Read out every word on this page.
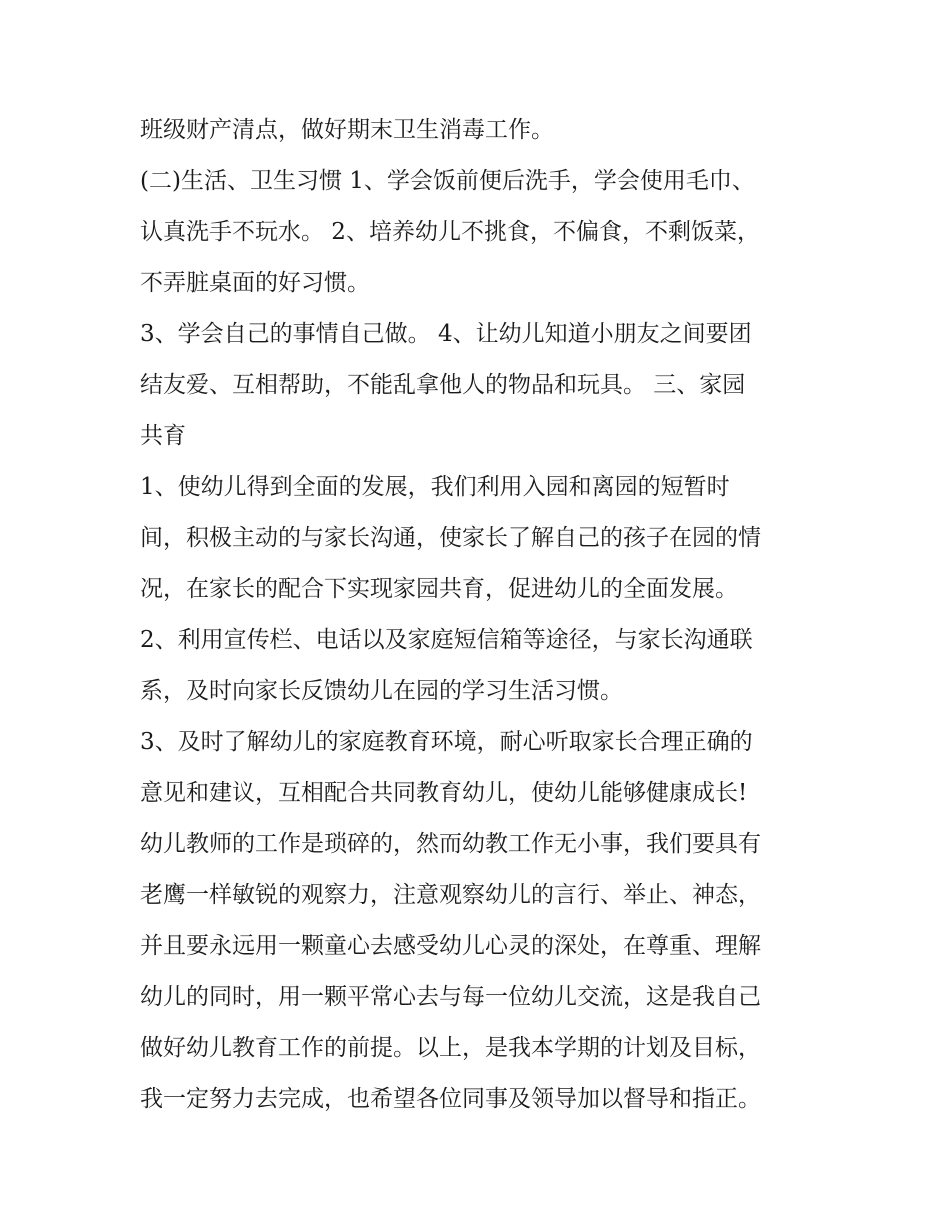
班级财产清点，做好期末卫生消毒工作。

(二)生活、卫生习惯 1、学会饭前便后洗手，学会使用毛巾、

认真洗手不玩水。 2、培养幼儿不挑食，不偏食，不剩饭菜，

不弄脏桌面的好习惯。

3、学会自己的事情自己做。 4、让幼儿知道小朋友之间要团

结友爱、互相帮助，不能乱拿他人的物品和玩具。 三、家园

共育

1、使幼儿得到全面的发展，我们利用入园和离园的短暂时

间，积极主动的与家长沟通，使家长了解自己的孩子在园的情

况，在家长的配合下实现家园共育，促进幼儿的全面发展。

2、利用宣传栏、电话以及家庭短信箱等途径，与家长沟通联

系，及时向家长反馈幼儿在园的学习生活习惯。

3、及时了解幼儿的家庭教育环境，耐心听取家长合理正确的

意见和建议，互相配合共同教育幼儿，使幼儿能够健康成长!

幼儿教师的工作是琐碎的，然而幼教工作无小事，我们要具有

老鹰一样敏锐的观察力，注意观察幼儿的言行、举止、神态，

并且要永远用一颗童心去感受幼儿心灵的深处，在尊重、理解

幼儿的同时，用一颗平常心去与每一位幼儿交流，这是我自己

做好幼儿教育工作的前提。以上，是我本学期的计划及目标，

我一定努力去完成，也希望各位同事及领导加以督导和指正。
